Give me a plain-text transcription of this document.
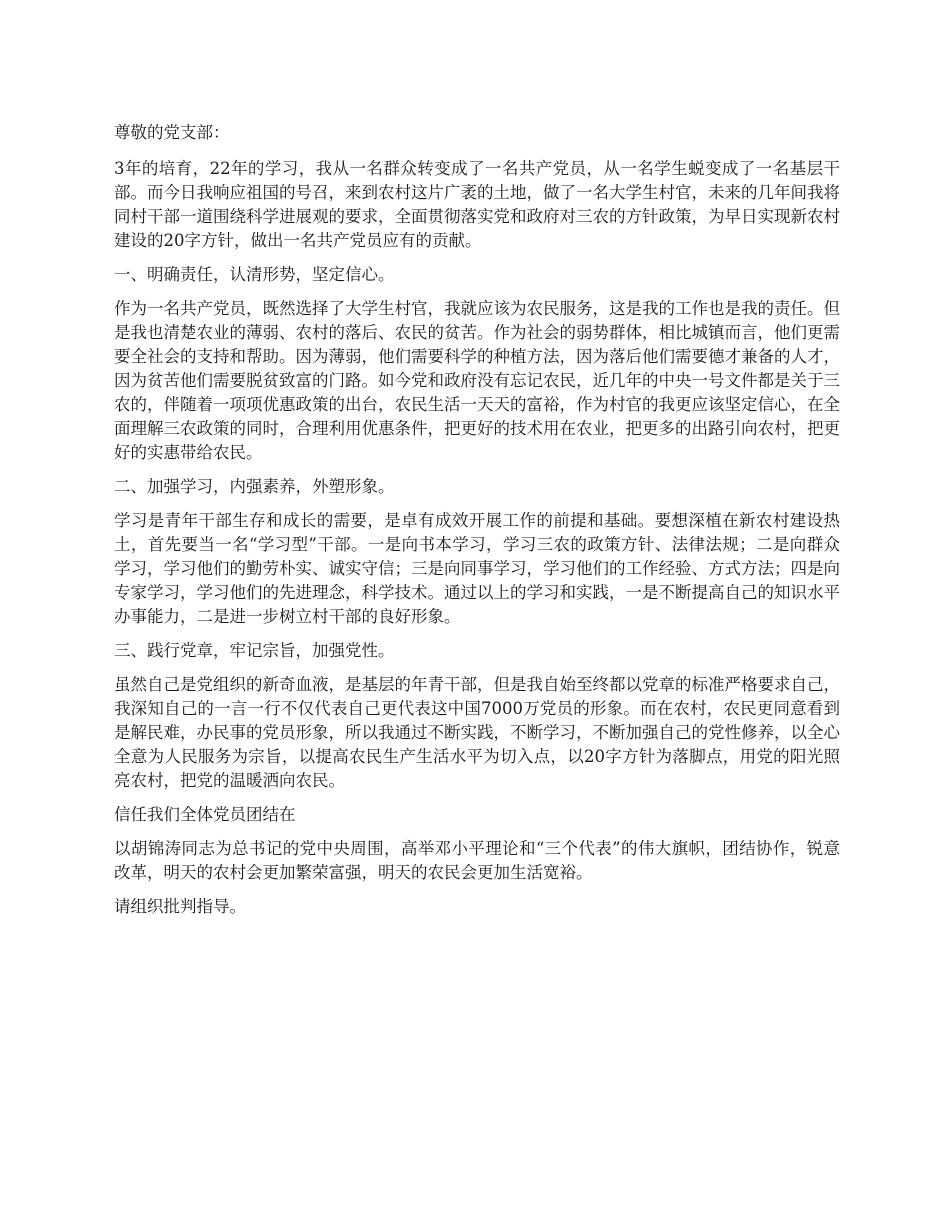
尊敬的党支部：

3年的培育，22年的学习，我从一名群众转变成了一名共产党员，从一名学生蜕变成了一名基层干部。而今日我响应祖国的号召，来到农村这片广袤的土地，做了一名大学生村官，未来的几年间我将同村干部一道围绕科学进展观的要求，全面贯彻落实党和政府对三农的方针政策，为早日实现新农村建设的20字方针，做出一名共产党员应有的贡献。

一、明确责任，认清形势，坚定信心。

作为一名共产党员，既然选择了大学生村官，我就应该为农民服务，这是我的工作也是我的责任。但是我也清楚农业的薄弱、农村的落后、农民的贫苦。作为社会的弱势群体，相比城镇而言，他们更需要全社会的支持和帮助。因为薄弱，他们需要科学的种植方法，因为落后他们需要德才兼备的人才，因为贫苦他们需要脱贫致富的门路。如今党和政府没有忘记农民，近几年的中央一号文件都是关于三农的，伴随着一项项优惠政策的出台，农民生活一天天的富裕，作为村官的我更应该坚定信心，在全面理解三农政策的同时，合理利用优惠条件，把更好的技术用在农业，把更多的出路引向农村，把更好的实惠带给农民。

二、加强学习，内强素养，外塑形象。

学习是青年干部生存和成长的需要，是卓有成效开展工作的前提和基础。要想深植在新农村建设热土，首先要当一名“学习型”干部。一是向书本学习，学习三农的政策方针、法律法规；二是向群众学习，学习他们的勤劳朴实、诚实守信；三是向同事学习，学习他们的工作经验、方式方法；四是向专家学习，学习他们的先进理念，科学技术。通过以上的学习和实践，一是不断提高自己的知识水平办事能力，二是进一步树立村干部的良好形象。

三、践行党章，牢记宗旨，加强党性。

虽然自己是党组织的新奇血液，是基层的年青干部，但是我自始至终都以党章的标准严格要求自己，我深知自己的一言一行不仅代表自己更代表这中国7000万党员的形象。而在农村，农民更同意看到是解民难，办民事的党员形象，所以我通过不断实践，不断学习，不断加强自己的党性修养，以全心全意为人民服务为宗旨，以提高农民生产生活水平为切入点，以20字方针为落脚点，用党的阳光照亮农村，把党的温暖洒向农民。

信任我们全体党员团结在

以胡锦涛同志为总书记的党中央周围，高举邓小平理论和“三个代表”的伟大旗帜，团结协作，锐意改革，明天的农村会更加繁荣富强，明天的农民会更加生活宽裕。

请组织批判指导。
